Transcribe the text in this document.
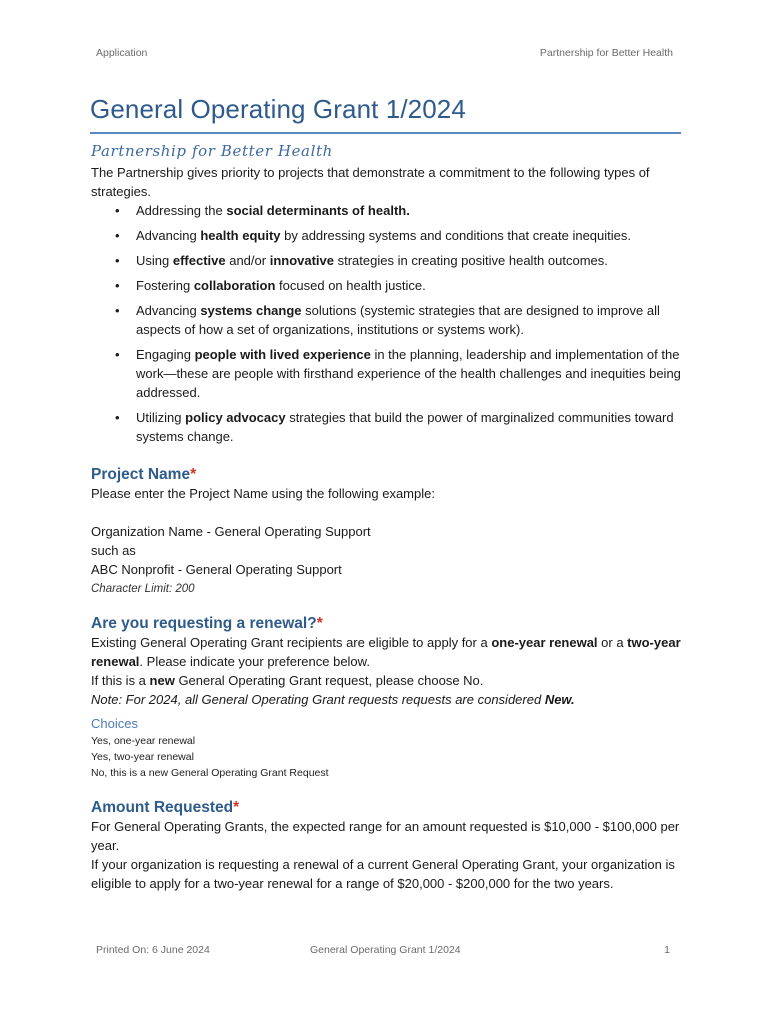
Application	Partnership for Better Health
General Operating Grant 1/2024
Partnership for Better Health

The Partnership gives priority to projects that demonstrate a commitment to the following types of strategies.

• Addressing the social determinants of health.
• Advancing health equity by addressing systems and conditions that create inequities.
• Using effective and/or innovative strategies in creating positive health outcomes.
• Fostering collaboration focused on health justice.
• Advancing systems change solutions (systemic strategies that are designed to improve all aspects of how a set of organizations, institutions or systems work).
• Engaging people with lived experience in the planning, leadership and implementation of the work—these are people with firsthand experience of the health challenges and inequities being addressed.
• Utilizing policy advocacy strategies that build the power of marginalized communities toward systems change.
Project Name*

Please enter the Project Name using the following example:

Organization Name - General Operating Support

such as

ABC Nonprofit - General Operating Support

Character Limit: 200
Are you requesting a renewal?*

Existing General Operating Grant recipients are eligible to apply for a one-year renewal or a two-year renewal. Please indicate your preference below.

If this is a new General Operating Grant request, please choose No.

Note: For 2024, all General Operating Grant requests requests are considered New.

Choices
Yes, one-year renewal
Yes, two-year renewal
No, this is a new General Operating Grant Request
Amount Requested*

For General Operating Grants, the expected range for an amount requested is $10,000 - $100,000 per year.

If your organization is requesting a renewal of a current General Operating Grant, your organization is eligible to apply for a two-year renewal for a range of $20,000 - $200,000 for the two years.

Printed On: 6 June 2024	General Operating Grant 1/2024	1
